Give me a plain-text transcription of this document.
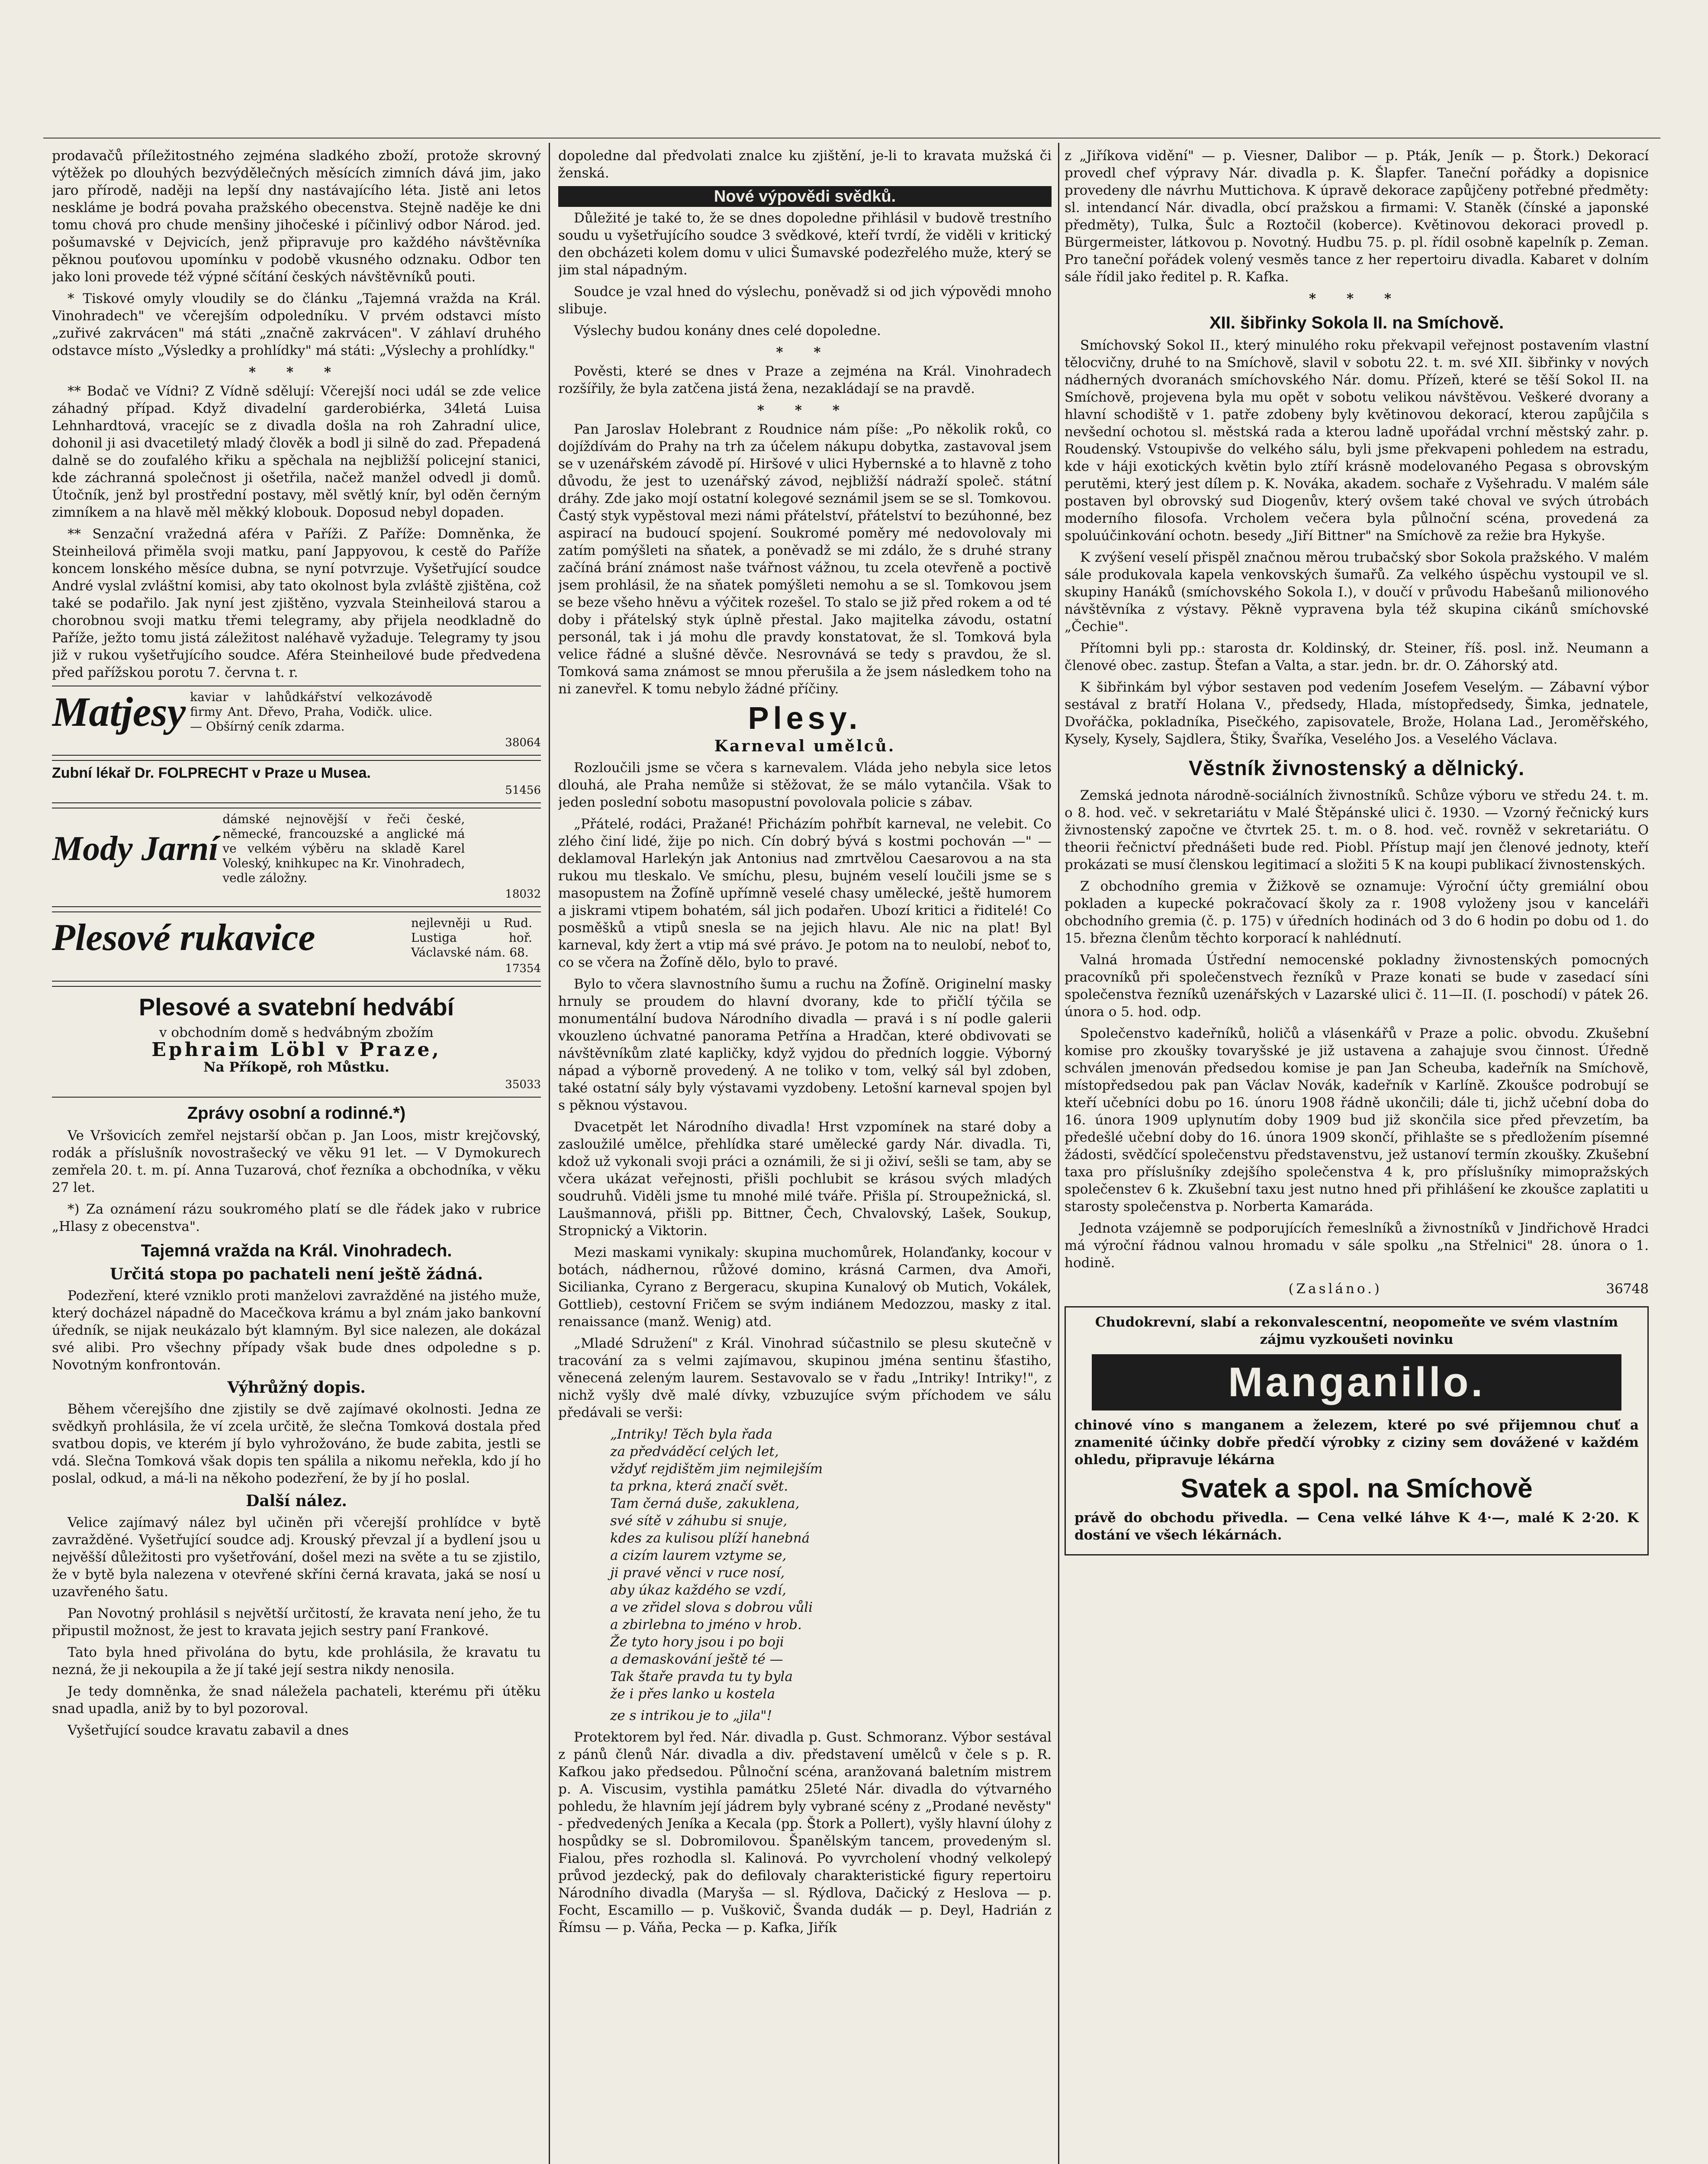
prodavačů příležitostného zejména sladkého zboží, protože skrovný výtěžek po dlouhých bezvýdělečných měsících zimních dává jim, jako jaro přírodě, naději na lepší dny nastávajícího léta. Jistě ani letos neskláme je bodrá povaha pražského obecenstva. Stejně naděje ke dni tomu chová pro chude menšiny jihočeské i píčinlivý odbor Národ. jed. pošumavské v Dejvicích, jenž připravuje pro každého návštěvníka pěknou pouťovou upomínku v podobě vkusného odznaku. Odbor ten jako loni provede též výpné sčítání českých návštěvníků pouti.

* Tiskové omyly vloudily se do článku „Tajemná vražda na Král. Vinohradech" ve včerejším odpoledníku. V prvém odstavci místo „zuřivé zakrvácen" má státi „značně zakrvácen". V záhlaví druhého odstavce místo „Výsledky a prohlídky" má státi: „Výslechy a prohlídky."

* * *

** Bodač ve Vídni? Z Vídně sdělují: Včerejší noci udál se zde velice záhadný případ. Když divadelní garderobiérka, 34letá Luisa Lehnhardtová, vracejíc se z divadla došla na roh Zahradní ulice, dohonil ji asi dvacetiletý mladý člověk a bodl ji silně do zad. Přepadená dalně se do zoufalého křiku a spěchala na nejbližší policejní stanici, kde záchranná společnost ji ošetřila, načež manžel odvedl ji domů. Útočník, jenž byl prostřední postavy, měl světlý knír, byl oděn černým zimníkem a na hlavě měl měkký klobouk. Doposud nebyl dopaden.

** Senzační vražedná aféra v Paříži. Z Paříže: Domněnka, že Steinheilová přiměla svoji matku, paní Jappyovou, k cestě do Paříže koncem lonského měsíce dubna, se nyní potvrzuje. Vyšetřující soudce André vyslal zvláštní komisi, aby tato okolnost byla zvláště zjištěna, což také se podařilo. Jak nyní jest zjištěno, vyzvala Steinheilová starou a chorobnou svoji matku třemi telegramy, aby přijela neodkladně do Paříže, ježto tomu jistá záležitost naléhavě vyžaduje. Telegramy ty jsou již v rukou vyšetřujícího soudce. Aféra Steinheilové bude předvedena před pařížskou porotu 7. června t. r.

Matjesy kaviar v lahůdkářství velkozávodě firmy Ant. Dřevo, Praha, Vodičk. ulice. — Obšírný ceník zdarma.
38064
Zubní lékař Dr. FOLPRECHT v Praze u Musea.
51456
Mody Jarní dámské nejnovější v řeči české, německé, francouzské a anglické má ve velkém výběru na skladě Karel Voleský, knihkupec na Kr. Vinohradech, vedle záložny.
18032
Plesové rukavice	nejlevněji u Rud. Lustiga hoř. Václavské nám. 68.
17354
Plesové a svatební hedvábí
v obchodním domě s hedvábným zbožím
Ephraim Löbl v Praze,
Na Příkopě, roh Můstku.
35033
Zprávy osobní a rodinné.*)

Ve Vršovicích zemřel nejstarší občan p. Jan Loos, mistr krejčovský, rodák a příslušník novostrašecký ve věku 91 let. — V Dymokurech zemřela 20. t. m. pí. Anna Tuzarová, choť řezníka a obchodníka, v věku 27 let.

*) Za oznámení rázu soukromého platí se dle řádek jako v rubrice „Hlasy z obecenstva".

Tajemná vražda na Král. Vinohradech.
Určitá stopa po pachateli není ještě žádná.

Podezření, které vzniklo proti manželovi zavražděné na jistého muže, který docházel nápadně do Macečkova krámu a byl znám jako bankovní úředník, se nijak neukázalo být klamným. Byl sice nalezen, ale dokázal své alibi. Pro všechny případy však bude dnes odpoledne s p. Novotným konfrontován.

Výhrůžný dopis.

Během včerejšího dne zjistily se dvě zajímavé okolnosti. Jedna ze svědkyň prohlásila, že ví zcela určitě, že slečna Tomková dostala před svatbou dopis, ve kterém jí bylo vyhrožováno, že bude zabita, jestli se vdá. Slečna Tomková však dopis ten spálila a nikomu neřekla, kdo jí ho poslal, odkud, a má-li na někoho podezření, že by jí ho poslal.

Další nález.

Velice zajímavý nález byl učiněn při včerejší prohlídce v bytě zavražděné. Vyšetřující soudce adj. Krouský převzal jí a bydlení jsou u nejvěšší důležitosti pro vyšetřování, došel mezi na světe a tu se zjistilo, že v bytě byla nalezena v otevřené skříni černá kravata, jaká se nosí u uzavřeného šatu.

Pan Novotný prohlásil s největší určitostí, že kravata není jeho, že tu připustil možnost, že jest to kravata jejich sestry paní Frankové.

Tato byla hned přivolána do bytu, kde prohlásila, že kravatu tu nezná, že ji nekoupila a že jí také její sestra nikdy nenosila.

Je tedy domněnka, že snad náležela pachateli, kterému při útěku snad upadla, aniž by to byl pozoroval.

Vyšetřující soudce kravatu zabavil a dnes

dopoledne dal předvolati znalce ku zjištění, je-li to kravata mužská či ženská.

Nové výpovědi svědků.

Důležité je také to, že se dnes dopoledne přihlásil v budově trestního soudu u vyšetřujícího soudce 3 svědkové, kteří tvrdí, že viděli v kritický den obcházeti kolem domu v ulici Šumavské podezřelého muže, který se jim stal nápadným.

Soudce je vzal hned do výslechu, poněvadž si od jich výpovědi mnoho slibuje.

Výslechy budou konány dnes celé dopoledne.

* *

Pověsti, které se dnes v Praze a zejména na Král. Vinohradech rozšířily, že byla zatčena jistá žena, nezakládají se na pravdě.

* * *

Pan Jaroslav Holebrant z Roudnice nám píše: „Po několik roků, co dojíždívám do Prahy na trh za účelem nákupu dobytka, zastavoval jsem se v uzenářském závodě pí. Hiršové v ulici Hybernské a to hlavně z toho důvodu, že jest to uzenářský závod, nejbližší nádraží společ. státní dráhy. Zde jako mojí ostatní kolegové seznámil jsem se se sl. Tomkovou. Častý styk vypěstoval mezi námi přátelství, přátelství to bezúhonné, bez aspirací na budoucí spojení. Soukromé poměry mé nedovolovaly mi zatím pomýšleti na sňatek, a poněvadž se mi zdálo, že s druhé strany začíná brání známost naše tvářnost vážnou, tu zcela otevřeně a poctivě jsem prohlásil, že na sňatek pomýšleti nemohu a se sl. Tomkovou jsem se beze všeho hněvu a výčitek rozešel. To stalo se již před rokem a od té doby i přátelský styk úplně přestal. Jako majitelka závodu, ostatní personál, tak i já mohu dle pravdy konstatovat, že sl. Tomková byla velice řádné a slušné děvče. Nesrovnává se tedy s pravdou, že sl. Tomková sama známost se mnou přerušila a že jsem následkem toho na ni zanevřel. K tomu nebylo žádné příčiny.

Plesy.
Karneval umělců.

Rozloučili jsme se včera s karnevalem. Vláda jeho nebyla sice letos dlouhá, ale Praha nemůže si stěžovat, že se málo vytančila. Však to jeden poslední sobotu masopustní povolovala policie s zábav.

„Přátelé, rodáci, Pražané! Přicházím pohřbít karneval, ne velebit. Co zlého činí lidé, žije po nich. Cín dobrý bývá s kostmi pochován —" — deklamoval Harlekýn jak Antonius nad zmrtvělou Caesarovou a na sta rukou mu tleskalo. Ve smíchu, plesu, bujném veselí loučili jsme se s masopustem na Žofíně upřímně veselé chasy umělecké, ještě humorem a jiskrami vtipem bohatém, sál jich podařen. Ubozí kritici a řiditelé! Co posměšků a vtipů snesla se na jejich hlavu. Ale nic na plat! Byl karneval, kdy žert a vtip má své právo. Je potom na to neulobí, neboť to, co se včera na Žofíně dělo, bylo to pravé.

Bylo to včera slavnostního šumu a ruchu na Žofíně. Originelní masky hrnuly se proudem do hlavní dvorany, kde to přičlí týčila se monumentální budova Národního divadla — pravá i s ní podle galerii vkouzleno úchvatné panorama Petřína a Hradčan, které obdivovati se návštěvníkům zlaté kapličky, když vyjdou do předních loggie. Výborný nápad a výborně provedený. A ne toliko v tom, velký sál byl zdoben, také ostatní sály byly výstavami vyzdobeny. Letošní karneval spojen byl s pěknou výstavou.

Dvacetpět let Národního divadla! Hrst vzpomínek na staré doby a zasloužilé umělce, přehlídka staré umělecké gardy Nár. divadla. Ti, kdož už vykonali svoji práci a oznámili, že si ji oživí, sešli se tam, aby se včera ukázat veřejnosti, přišli pochlubit se krásou svých mladých soudruhů. Viděli jsme tu mnohé milé tváře. Přišla pí. Stroupežnická, sl. Laušmannová, přišli pp. Bittner, Čech, Chvalovský, Lašek, Soukup, Stropnický a Viktorin.

Mezi maskami vynikaly: skupina muchomůrek, Holanďanky, kocour v botách, nádhernou, růžové domino, krásná Carmen, dva Amoři, Sicilianka, Cyrano z Bergeracu, skupina Kunalový ob Mutich, Vokálek, Gottlieb), cestovní Fričem se svým indiánem Medozzou, masky z ital. renaissance (manž. Wenig) atd.

„Mladé Sdružení" z Král. Vinohrad súčastnilo se plesu skutečně v tracování za s velmi zajímavou, skupinou jména sentinu šťastiho, věnecená zeleným laurem. Sestavovalo se v řadu „Intriky! Intriky!", z nichž vyšly dvě malé dívky, vzbuzujíce svým příchodem ve sálu předávali se verši:

„Intriky! Těch byla řada
za předváděcí celých let,
vždyť rejdištěm jim nejmilejším
ta prkna, která značí svět.
Tam černá duše, zakuklena,
své sítě v záhubu si snuje,
kdes za kulisou plíží hanebná
a cizím laurem vztyme se,
ji pravé věnci v ruce nosí,
aby úkaz každého se vzdí,
a ve zřidel slova s dobrou vůli
a zbirlebna to jméno v hrob.
Že tyto hory jsou i po boji
a demaskování ještě té —
Tak štaře pravda tu ty byla
že i přes lanko u kostela

ze s intrikou je to „jila"!

Protektorem byl řed. Nár. divadla p. Gust. Schmoranz. Výbor sestával z pánů členů Nár. divadla a div. představení umělců v čele s p. R. Kafkou jako předsedou. Půlnoční scéna, aranžovaná baletním mistrem p. A. Viscusim, vystihla památku 25leté Nár. divadla do výtvarného pohledu, že hlavním její jádrem byly vybrané scény z „Prodané nevěsty" - předvedených Jeníka a Kecala (pp. Štork a Pollert), vyšly hlavní úlohy z hospůdky se sl. Dobromilovou. Španělským tancem, provedeným sl. Fialou, přes rozhodla sl. Kalinová. Po vyvrcholení vhodný velkolepý průvod jezdecký, pak do defilovaly charakteristické figury repertoiru Národního divadla (Maryša — sl. Rýdlova, Dačický z Heslova — p. Focht, Escamillo — p. Vuškovič, Švanda dudák — p. Deyl, Hadrián z Římsu — p. Váňa, Pecka — p. Kafka, Jiřík

z „Jiříkova vidění" — p. Viesner, Dalibor — p. Pták, Jeník — p. Štork.) Dekorací provedl chef výpravy Nár. divadla p. K. Šlapfer. Taneční pořádky a dopisnice provedeny dle návrhu Muttichova. K úpravě dekorace zapůjčeny potřebné předměty: sl. intendancí Nár. divadla, obcí pražskou a firmami: V. Staněk (čínské a japonské předměty), Tulka, Šulc a Roztočil (koberce). Květinovou dekoraci provedl p. Bürgermeister, látkovou p. Novotný. Hudbu 75. p. pl. řídil osobně kapelník p. Zeman. Pro taneční pořádek volený vesměs tance z her repertoiru divadla. Kabaret v dolním sále řídil jako ředitel p. R. Kafka.

* * *
XII. šibřinky Sokola II. na Smíchově.

Smíchovský Sokol II., který minulého roku překvapil veřejnost postavením vlastní tělocvičny, druhé to na Smíchově, slavil v sobotu 22. t. m. své XII. šibřinky v nových nádherných dvoranách smíchovského Nár. domu. Přízeň, které se těší Sokol II. na Smíchově, projevena byla mu opět v sobotu velikou návštěvou. Veškeré dvorany a hlavní schodiště v 1. patře zdobeny byly květinovou dekorací, kterou zapůjčila s nevšední ochotou sl. městská rada a kterou ladně upořádal vrchní městský zahr. p. Roudenský. Vstoupivše do velkého sálu, byli jsme překvapeni pohledem na estradu, kde v háji exotických květin bylo ztíří krásně modelovaného Pegasa s obrovským perutěmi, který jest dílem p. K. Nováka, akadem. sochaře z Vyšehradu. V malém sále postaven byl obrovský sud Diogenův, který ovšem také choval ve svých útrobách moderního filosofa. Vrcholem večera byla půlnoční scéna, provedená za spoluúčinkování ochotn. besedy „Jiří Bittner" na Smíchově za režie bra Hykyše.

K zvýšení veselí přispěl značnou měrou trubačský sbor Sokola pražského. V malém sále produkovala kapela venkovských šumařů. Za velkého úspěchu vystoupil ve sl. skupiny Hanáků (smíchovského Sokola I.), v doučí v průvodu Habešanů milionového návštěvníka z výstavy. Pěkně vypravena byla též skupina cikánů smíchovské „Čechie".

Přítomni byli pp.: starosta dr. Koldinský, dr. Steiner, říš. posl. inž. Neumann a členové obec. zastup. Štefan a Valta, a star. jedn. br. dr. O. Záhorský atd.

K šibřinkám byl výbor sestaven pod vedením Josefem Veselým. — Zábavní výbor sestával z bratří Holana V., předsedy, Hlada, místopředsedy, Šimka, jednatele, Dvořáčka, pokladníka, Pisečkého, zapisovatele, Brože, Holana Lad., Jeroměřského, Kysely, Kysely, Sajdlera, Štiky, Švaříka, Veselého Jos. a Veselého Václava.

Věstník živnostenský a dělnický.

Zemská jednota národně-sociálních živnostníků. Schůze výboru ve středu 24. t. m. o 8. hod. več. v sekretariátu v Malé Štěpánské ulici č. 1930. — Vzorný řečnický kurs živnostenský započne ve čtvrtek 25. t. m. o 8. hod. več. rovněž v sekretariátu. O theorii řečnictví přednášeti bude red. Piobl. Přístup mají jen členové jednoty, kteří prokázati se musí členskou legitimací a složiti 5 K na koupi publikací živnostenských.

Z obchodního gremia v Žižkově se oznamuje: Výroční účty gremiální obou pokladen a kupecké pokračovací školy za r. 1908 vyloženy jsou v kanceláři obchodního gremia (č. p. 175) v úředních hodinách od 3 do 6 hodin po dobu od 1. do 15. března členům těchto korporací k nahlédnutí.

Valná hromada Ústřední nemocenské pokladny živnostenských pomocných pracovníků při společenstvech řezníků v Praze konati se bude v zasedací síni společenstva řezníků uzenářských v Lazarské ulici č. 11—II. (I. poschodí) v pátek 26. února o 5. hod. odp.

Společenstvo kadeřníků, holičů a vlásenkářů v Praze a polic. obvodu. Zkušební komise pro zkoušky tovaryšské je již ustavena a zahajuje svou činnost. Úředně schválen jmenován předsedou komise je pan Jan Scheuba, kadeřník na Smíchově, místopředsedou pak pan Václav Novák, kadeřník v Karlíně. Zkoušce podrobují se kteří učebníci dobu po 16. únoru 1908 řádně ukončili; dále ti, jichž učební doba do 16. února 1909 uplynutím doby 1909 bud již skončila sice před převzetím, ba předešlé učební doby do 16. února 1909 skončí, přihlašte se s předložením písemné žádosti, svědčící společenstvu představenstvu, jež ustanoví termín zkoušky. Zkušební taxa pro příslušníky zdejšího společenstva 4 k, pro příslušníky mimopražských společenstev 6 k. Zkušební taxu jest nutno hned při přihlášení ke zkoušce zaplatiti u starosty společenstva p. Norberta Kamaráda.

Jednota vzájemně se podporujících řemeslníků a živnostníků v Jindřichově Hradci má výroční řádnou valnou hromadu v sále spolku „na Střelnici" 28. února o 1. hodině.

(Zasláno.)	36748

Chudokrevní, slabí a rekonvalescentní, neopomeňte ve svém vlastním zájmu vyzkoušeti novinku

Manganillo.

chinové víno s manganem a železem, které po své přijemnou chuť a znamenité účinky dobře předčí výrobky z ciziny sem dovážené v každém ohledu, připravuje lékárna

Svatek a spol. na Smíchově

právě do obchodu přivedla. — Cena velké láhve K 4·—, malé K 2·20. K dostání ve všech lékárnách.
